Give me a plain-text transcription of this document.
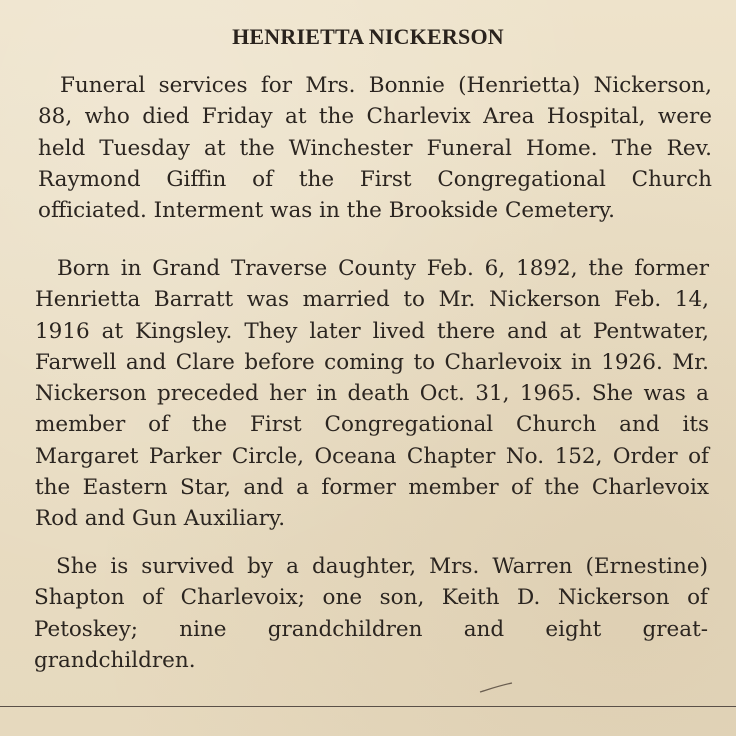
HENRIETTA NICKERSON

Funeral services for Mrs. Bonnie (Henrietta) Nickerson,
88, who died Friday at the Charlevix Area Hospital, were
held Tuesday at the Winchester Funeral Home. The Rev.
Raymond Giffin of the First Congregational Church
officiated. Interment was in the Brookside Cemetery.

Born in Grand Traverse County Feb. 6, 1892, the former
Henrietta Barratt was married to Mr. Nickerson Feb. 14,
1916 at Kingsley. They later lived there and at Pentwater,
Farwell and Clare before coming to Charlevoix in 1926. Mr.
Nickerson preceded her in death Oct. 31, 1965. She was a
member of the First Congregational Church and its
Margaret Parker Circle, Oceana Chapter No. 152, Order of
the Eastern Star, and a former member of the Charlevoix
Rod and Gun Auxiliary.

She is survived by a daughter, Mrs. Warren (Ernestine)
Shapton of Charlevoix; one son, Keith D. Nickerson of
Petoskey; nine grandchildren and eight great-
grandchildren.
